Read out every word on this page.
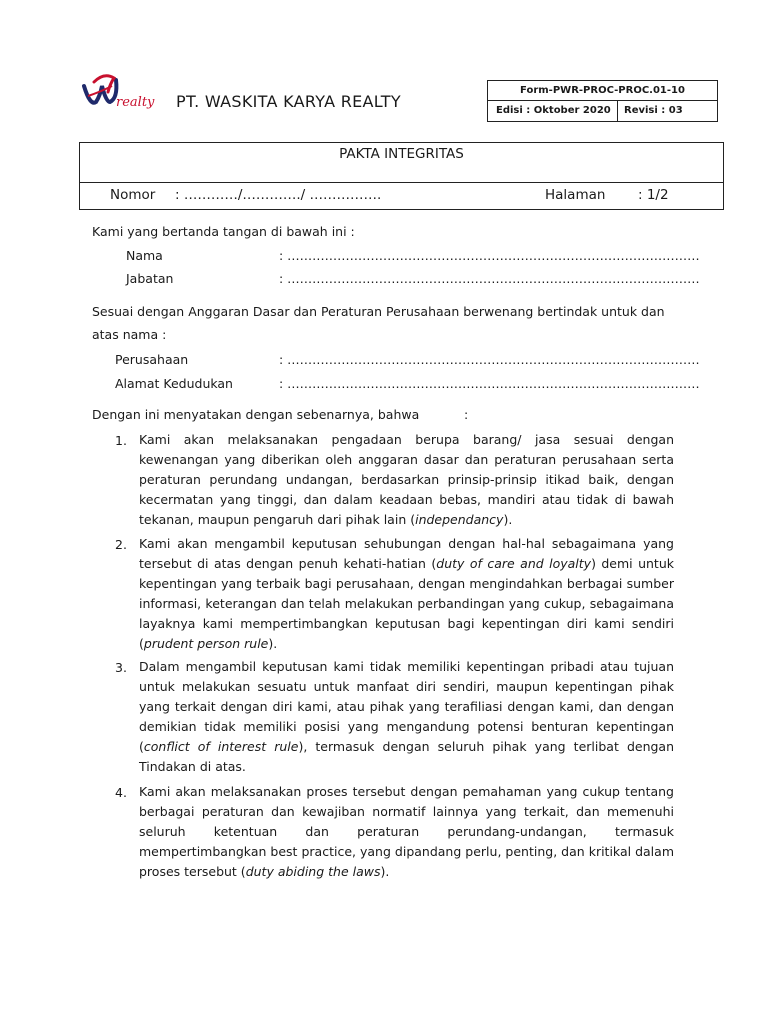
realty PT. WASKITA KARYA REALTY
Form-PWR-PROC-PROC.01-10
Edisi : Oktober 2020	Revisi : 03
PAKTA INTEGRITAS
Nomor : …………/…………./ …………….	Halaman : 1/2
Kami yang bertanda tangan di bawah ini :
Nama	: ………………………………………………………………………………………
Jabatan	: ………………………………………………………………………………………
Sesuai dengan Anggaran Dasar dan Peraturan Perusahaan berwenang bertindak untuk dan
atas nama :
Perusahaan	: ………………………………………………………………………………………
Alamat Kedudukan	: ………………………………………………………………………………………
Dengan ini menyatakan dengan sebenarnya, bahwa	:
1. Kami akan melaksanakan pengadaan berupa barang/ jasa sesuai dengan kewenangan yang diberikan oleh anggaran dasar dan peraturan perusahaan serta peraturan perundang undangan, berdasarkan prinsip-prinsip itikad baik, dengan kecermatan yang tinggi, dan dalam keadaan bebas, mandiri atau tidak di bawah tekanan, maupun pengaruh dari pihak lain (independancy).
2. Kami akan mengambil keputusan sehubungan dengan hal-hal sebagaimana yang tersebut di atas dengan penuh kehati-hatian (duty of care and loyalty) demi untuk kepentingan yang terbaik bagi perusahaan, dengan mengindahkan berbagai sumber informasi, keterangan dan telah melakukan perbandingan yang cukup, sebagaimana layaknya kami mempertimbangkan keputusan bagi kepentingan diri kami sendiri (prudent person rule).
3. Dalam mengambil keputusan kami tidak memiliki kepentingan pribadi atau tujuan untuk melakukan sesuatu untuk manfaat diri sendiri, maupun kepentingan pihak yang terkait dengan diri kami, atau pihak yang terafiliasi dengan kami, dan dengan demikian tidak memiliki posisi yang mengandung potensi benturan kepentingan (conflict of interest rule), termasuk dengan seluruh pihak yang terlibat dengan Tindakan di atas.
4. Kami akan melaksanakan proses tersebut dengan pemahaman yang cukup tentang berbagai peraturan dan kewajiban normatif lainnya yang terkait, dan memenuhi seluruh ketentuan dan peraturan perundang-undangan, termasuk mempertimbangkan best practice, yang dipandang perlu, penting, dan kritikal dalam proses tersebut (duty abiding the laws).
